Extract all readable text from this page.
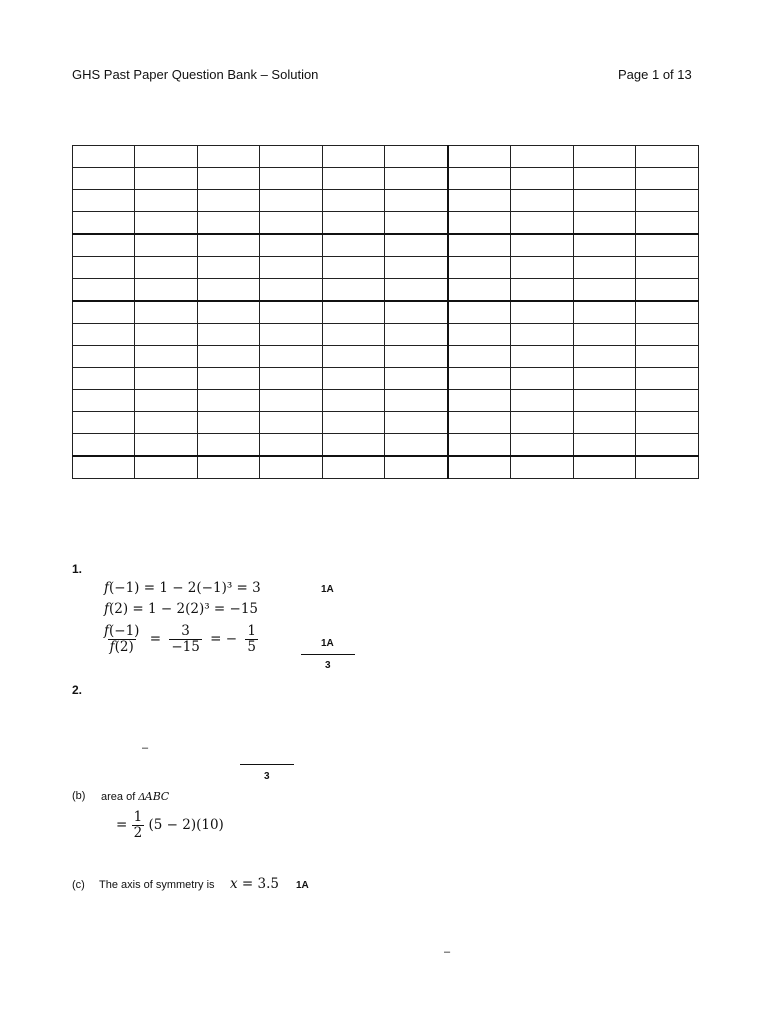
GHS Past Paper Question Bank – Solution	Page 1 of 13

1.
𝑓(−1) = 1 − 2(−1)³ = 3	1A
𝑓(2) = 1 − 2(2)³ = −15
$\frac{\text{𝑓(−1)}}{\text{𝑓(2)}} = \frac{3}{-15}$ = − $\frac{1}{5}$	1A
3
2.
–
3
(b) area of Δ𝐴𝐵𝐶
= $\frac{1}{2} (5 - 2)(10)$
(c) The axis of symmetry is 𝑥 = 3.5 1A
–
